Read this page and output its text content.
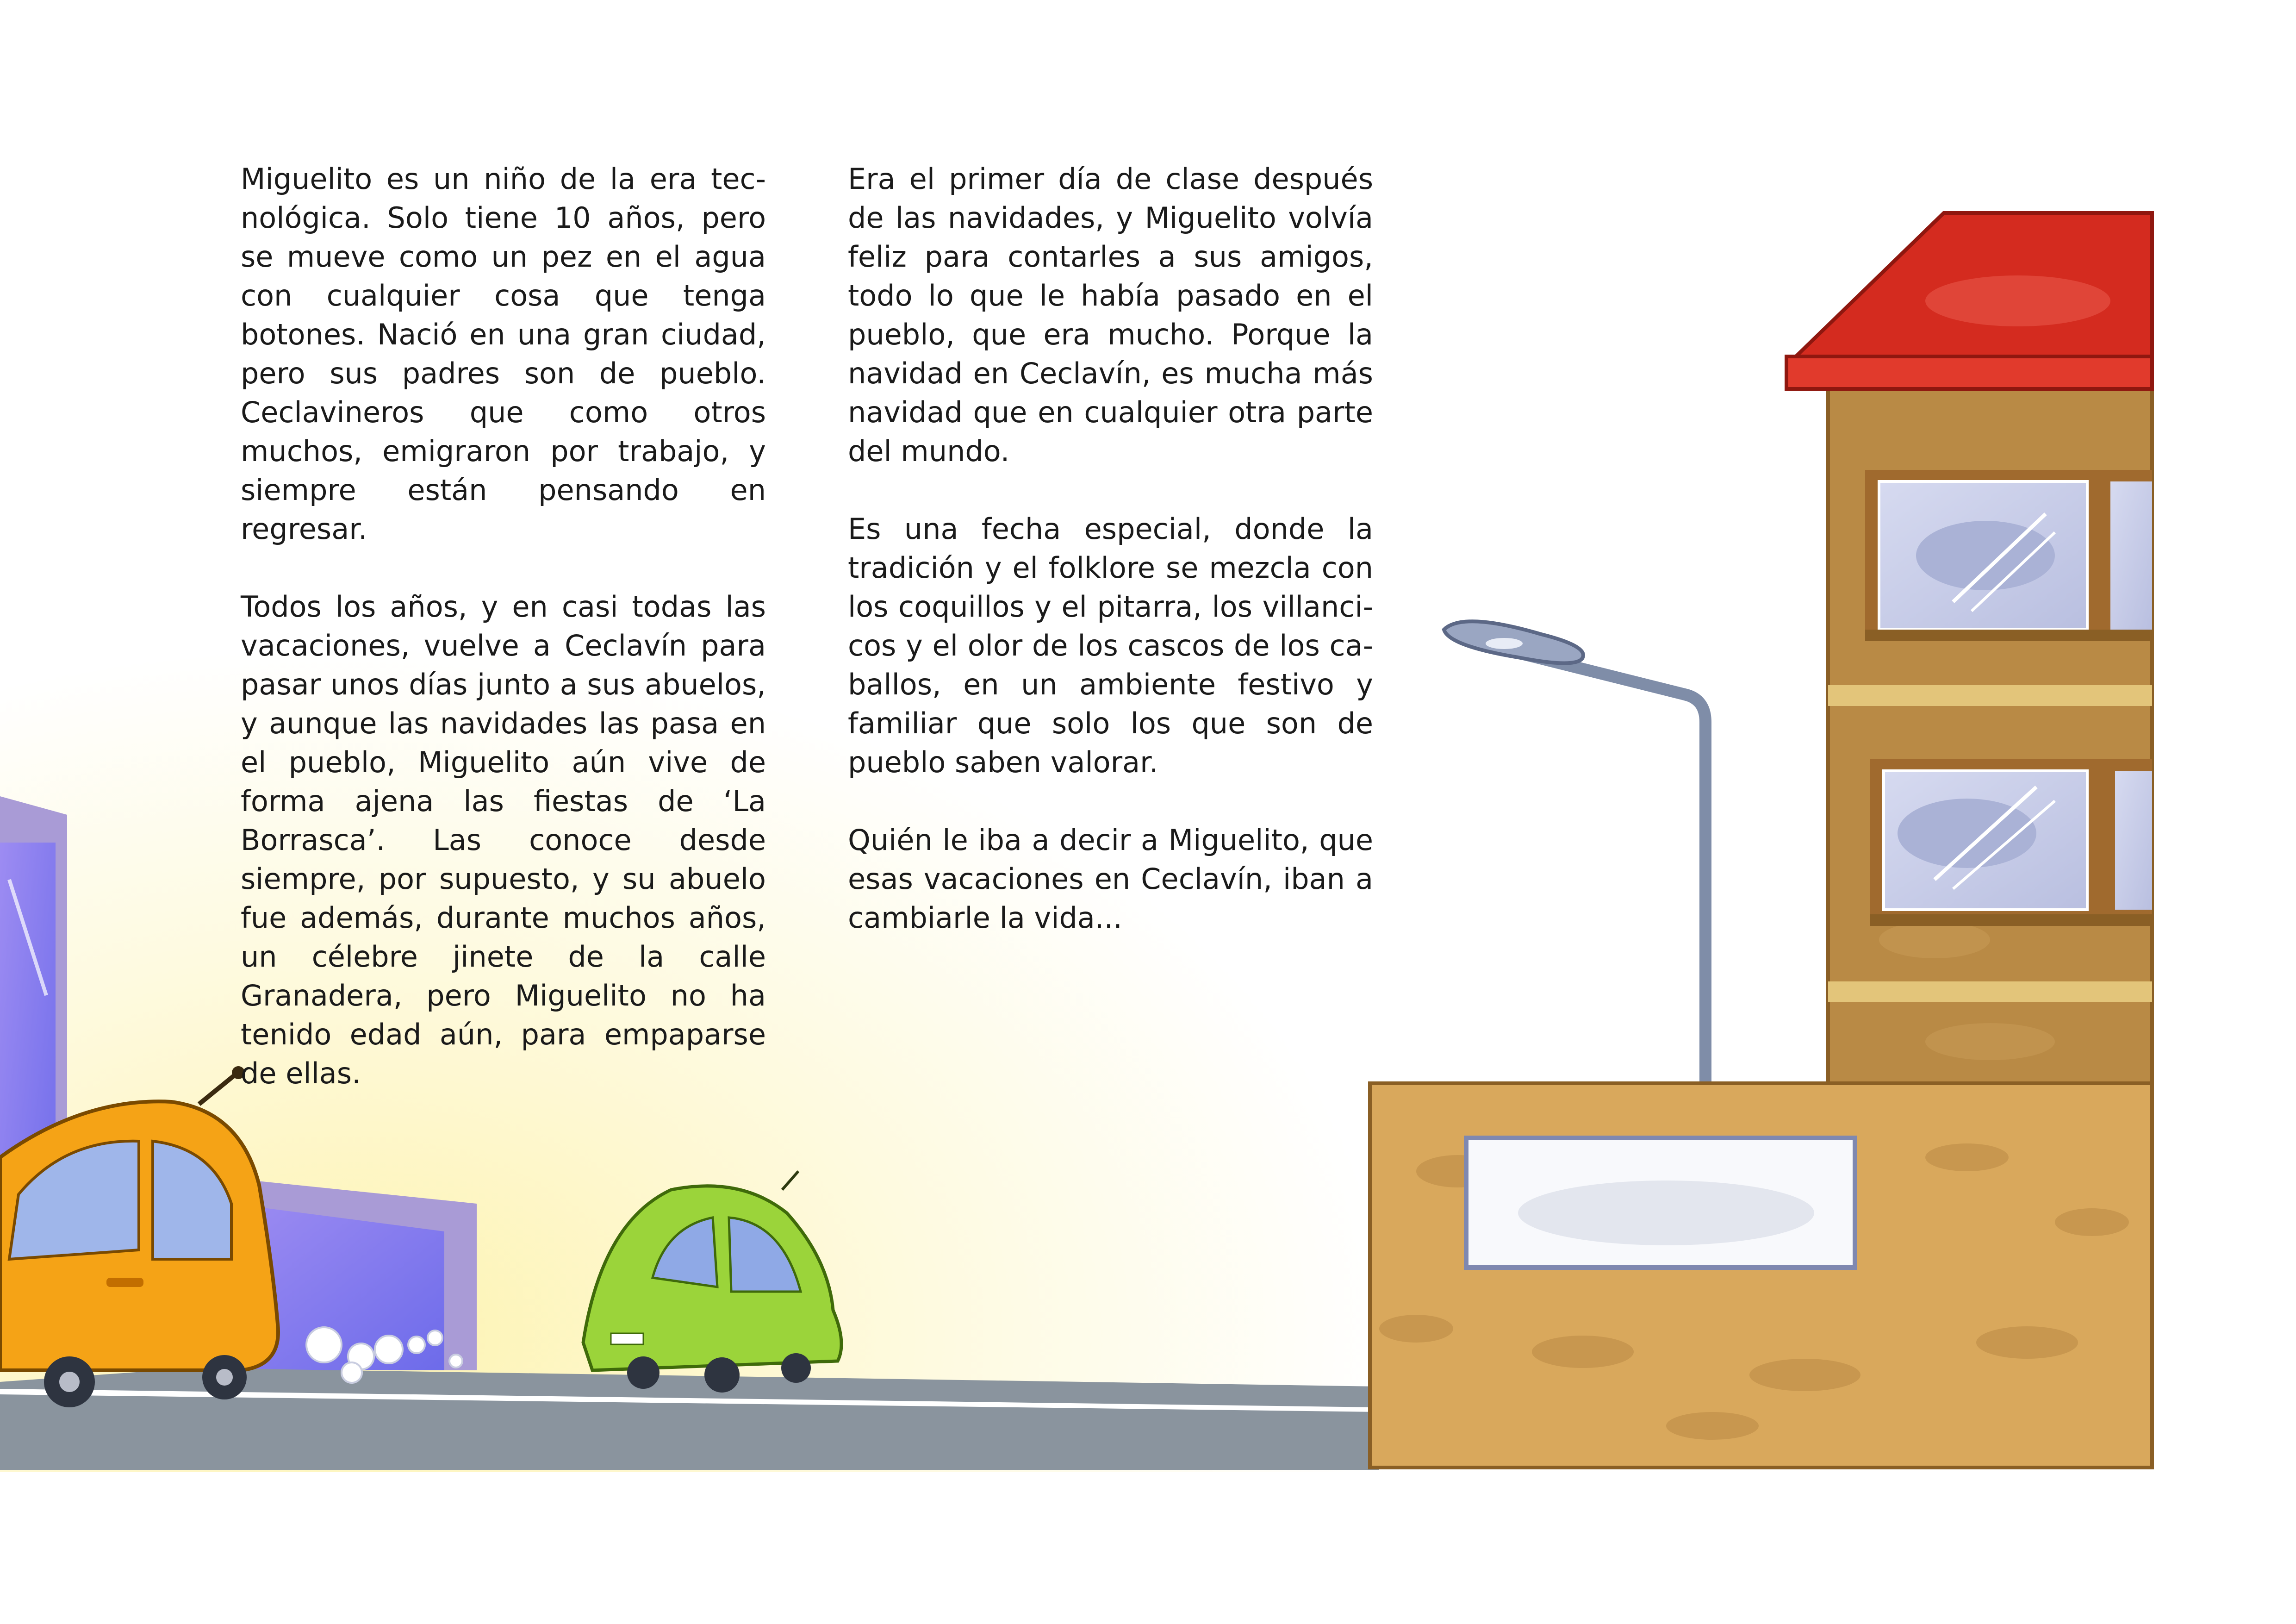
Miguelito es un niño de la era tecnológica. Solo tiene 10 años, pero se mueve como un pez en el agua con cualquier cosa que tenga botones. Nació en una gran ciudad, pero sus padres son de pueblo. Ceclavineros que como otros muchos, emigraron por trabajo, y siempre están pensando en regresar.

Todos los años, y en casi todas las vacaciones, vuelve a Ceclavín para pasar unos días junto a sus abuelos, y aunque las navidades las pasa en el pueblo, Miguelito aún vive de forma ajena las fiestas de ‘La Borrasca’. Las conoce desde siempre, por supuesto, y su abuelo fue además, durante muchos años, un célebre jinete de la calle Granadera, pero Miguelito no ha tenido edad aún, para empaparse de ellas.

Era el primer día de clase después de las navidades, y Miguelito volvía feliz para contarles a sus amigos, todo lo que le había pasado en el pueblo, que era mucho. Porque la navidad en Ceclavín, es mucha más navidad que en cualquier otra parte del mundo.

Es una fecha especial, donde la tradición y el folklore se mezcla con los coquillos y el pitarra, los villancicos y el olor de los cascos de los caballos, en un ambiente festivo y familiar que solo los que son de pueblo saben valorar.

Quién le iba a decir a Miguelito, que esas vacaciones en Ceclavín, iban a cambiarle la vida...
